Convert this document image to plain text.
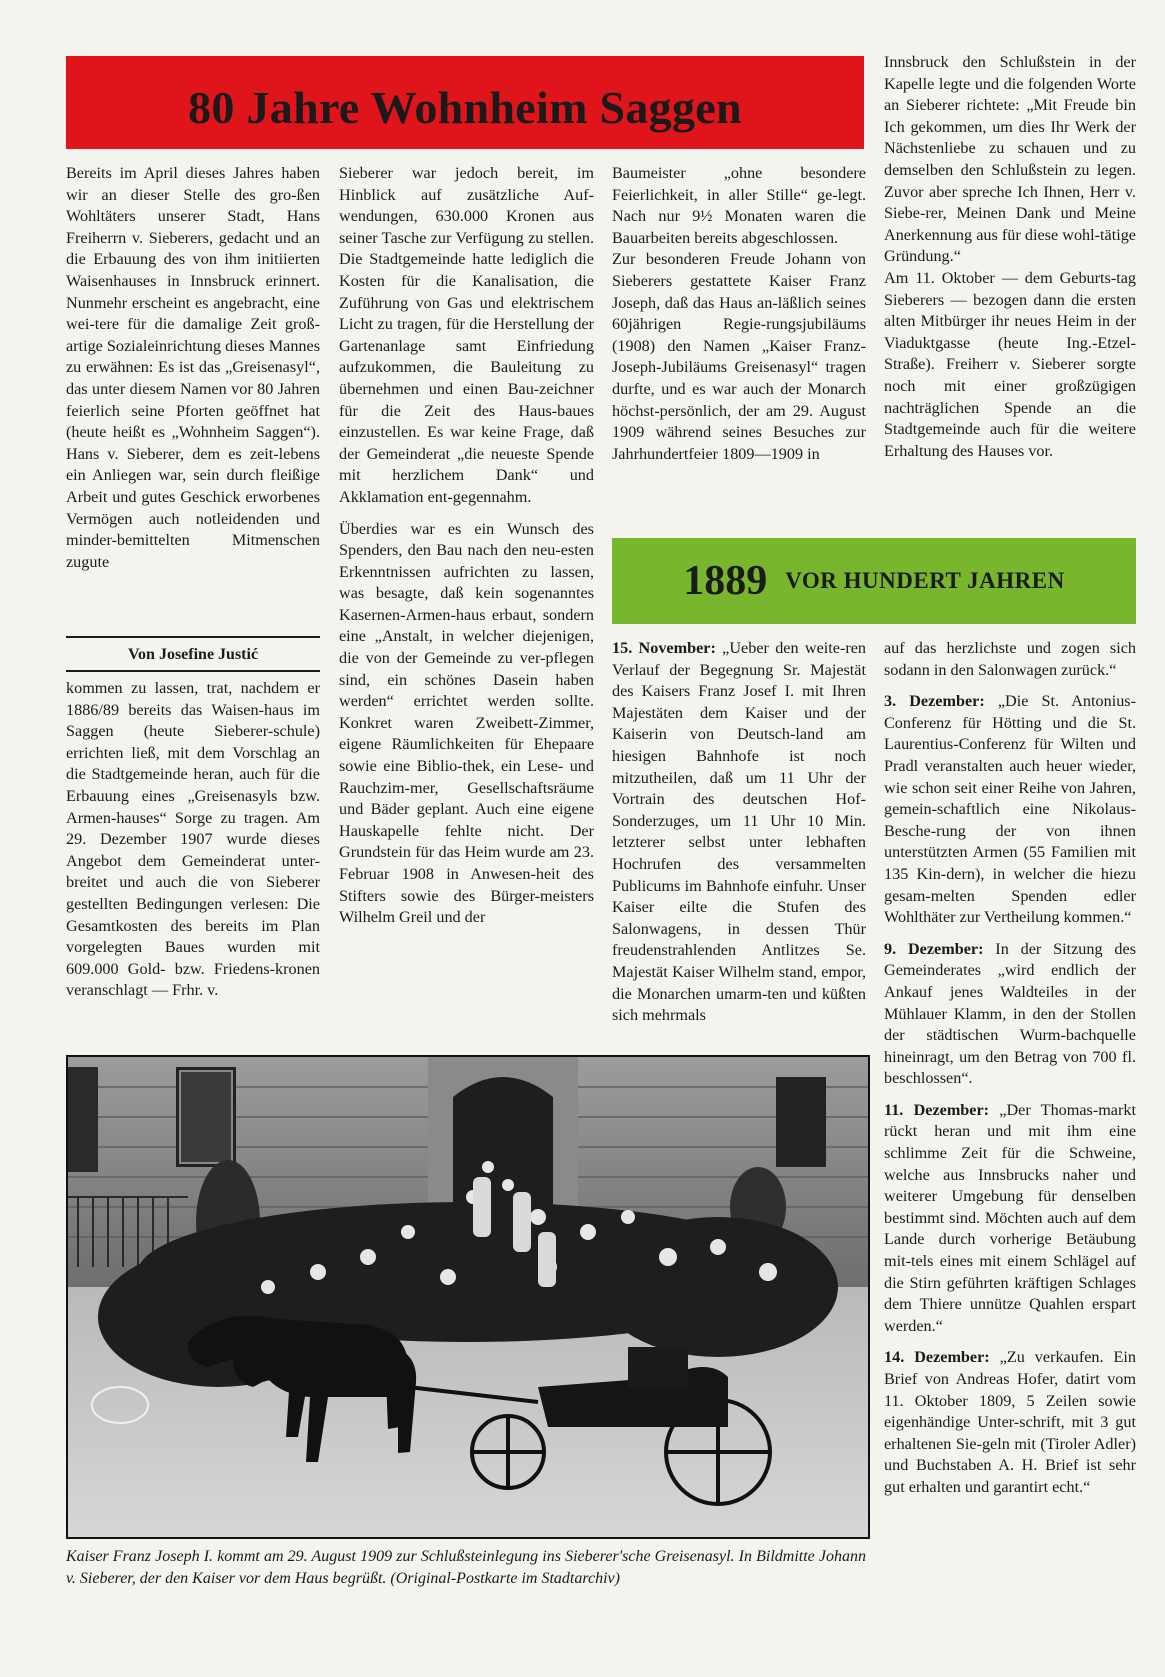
80 Jahre Wohnheim Saggen

Bereits im April dieses Jahres haben wir an dieser Stelle des gro-ßen Wohltäters unserer Stadt, Hans Freiherrn v. Sieberers, gedacht und an die Erbauung des von ihm initiierten Waisenhauses in Innsbruck erinnert. Nunmehr erscheint es angebracht, eine wei-tere für die damalige Zeit groß-artige Sozialeinrichtung dieses Mannes zu erwähnen: Es ist das „Greisenasyl“, das unter diesem Namen vor 80 Jahren feierlich seine Pforten geöffnet hat (heute heißt es „Wohnheim Saggen“). Hans v. Sieberer, dem es zeit-lebens ein Anliegen war, sein durch fleißige Arbeit und gutes Geschick erworbenes Vermögen auch notleidenden und minder-bemittelten Mitmenschen zugute

Von Josefine Justić

kommen zu lassen, trat, nachdem er 1886/89 bereits das Waisen-haus im Saggen (heute Sieberer-schule) errichten ließ, mit dem Vorschlag an die Stadtgemeinde heran, auch für die Erbauung eines „Greisenasyls bzw. Armen-hauses“ Sorge zu tragen. Am 29. Dezember 1907 wurde dieses Angebot dem Gemeinderat unter-breitet und auch die von Sieberer gestellten Bedingungen verlesen: Die Gesamtkosten des bereits im Plan vorgelegten Baues wurden mit 609.000 Gold- bzw. Friedens-kronen veranschlagt — Frhr. v.

Sieberer war jedoch bereit, im Hinblick auf zusätzliche Auf-wendungen, 630.000 Kronen aus seiner Tasche zur Verfügung zu stellen. Die Stadtgemeinde hatte lediglich die Kosten für die Kanalisation, die Zuführung von Gas und elektrischem Licht zu tragen, für die Herstellung der Gartenanlage samt Einfriedung aufzukommen, die Bauleitung zu übernehmen und einen Bau-zeichner für die Zeit des Haus-baues einzustellen. Es war keine Frage, daß der Gemeinderat „die neueste Spende mit herzlichem Dank“ und Akklamation ent-gegennahm.

Überdies war es ein Wunsch des Spenders, den Bau nach den neu-esten Erkenntnissen aufrichten zu lassen, was besagte, daß kein sogenanntes Kasernen-Armen-haus erbaut, sondern eine „Anstalt, in welcher diejenigen, die von der Gemeinde zu ver-pflegen sind, ein schönes Dasein haben werden“ errichtet werden sollte. Konkret waren Zweibett-Zimmer, eigene Räumlichkeiten für Ehepaare sowie eine Biblio-thek, ein Lese- und Rauchzim-mer, Gesellschaftsräume und Bäder geplant. Auch eine eigene Hauskapelle fehlte nicht. Der Grundstein für das Heim wurde am 23. Februar 1908 in Anwesen-heit des Stifters sowie des Bürger-meisters Wilhelm Greil und der

Baumeister „ohne besondere Feierlichkeit, in aller Stille“ ge-legt. Nach nur 9½ Monaten waren die Bauarbeiten bereits abgeschlossen.

Zur besonderen Freude Johann von Sieberers gestattete Kaiser Franz Joseph, daß das Haus an-läßlich seines 60jährigen Regie-rungsjubiläums (1908) den Namen „Kaiser Franz-Joseph-Jubiläums Greisenasyl“ tragen durfte, und es war auch der Monarch höchst-persönlich, der am 29. August 1909 während seines Besuches zur Jahrhundertfeier 1809—1909 in

Innsbruck den Schlußstein in der Kapelle legte und die folgenden Worte an Sieberer richtete: „Mit Freude bin Ich gekommen, um dies Ihr Werk der Nächstenliebe zu schauen und zu demselben den Schlußstein zu legen. Zuvor aber spreche Ich Ihnen, Herr v. Siebe-rer, Meinen Dank und Meine Anerkennung aus für diese wohl-tätige Gründung.“

Am 11. Oktober — dem Geburts-tag Sieberers — bezogen dann die ersten alten Mitbürger ihr neues Heim in der Viaduktgasse (heute Ing.-Etzel-Straße). Freiherr v. Sieberer sorgte noch mit einer großzügigen nachträglichen Spende an die Stadtgemeinde auch für die weitere Erhaltung des Hauses vor.

1889 VOR HUNDERT JAHREN

15. November: „Ueber den weite-ren Verlauf der Begegnung Sr. Majestät des Kaisers Franz Josef I. mit Ihren Majestäten dem Kaiser und der Kaiserin von Deutsch-land am hiesigen Bahnhofe ist noch mitzutheilen, daß um 11 Uhr der Vortrain des deutschen Hof-Sonderzuges, um 11 Uhr 10 Min. letzterer selbst unter lebhaften Hochrufen des versammelten Publicums im Bahnhofe einfuhr. Unser Kaiser eilte die Stufen des Salonwagens, in dessen Thür freudenstrahlenden Antlitzes Se. Majestät Kaiser Wilhelm stand, empor, die Monarchen umarm-ten und küßten sich mehrmals

auf das herzlichste und zogen sich sodann in den Salonwagen zurück.“

3. Dezember: „Die St. Antonius-Conferenz für Hötting und die St. Laurentius-Conferenz für Wilten und Pradl veranstalten auch heuer wieder, wie schon seit einer Reihe von Jahren, gemein-schaftlich eine Nikolaus-Besche-rung der von ihnen unterstützten Armen (55 Familien mit 135 Kin-dern), in welcher die hiezu gesam-melten Spenden edler Wohlthäter zur Vertheilung kommen.“

9. Dezember: In der Sitzung des Gemeinderates „wird endlich der Ankauf jenes Waldteiles in der Mühlauer Klamm, in den der Stollen der städtischen Wurm-bachquelle hineinragt, um den Betrag von 700 fl. beschlossen“.

11. Dezember: „Der Thomas-markt rückt heran und mit ihm eine schlimme Zeit für die Schweine, welche aus Innsbrucks naher und weiterer Umgebung für denselben bestimmt sind. Möchten auch auf dem Lande durch vorherige Betäubung mit-tels eines mit einem Schlägel auf die Stirn geführten kräftigen Schlages dem Thiere unnütze Quahlen erspart werden.“

14. Dezember: „Zu verkaufen. Ein Brief von Andreas Hofer, datirt vom 11. Oktober 1809, 5 Zeilen sowie eigenhändige Unter-schrift, mit 3 gut erhaltenen Sie-geln mit (Tiroler Adler) und Buchstaben A. H. Brief ist sehr gut erhalten und garantirt echt.“

Kaiser Franz Joseph I. kommt am 29. August 1909 zur Schlußsteinlegung ins Sieberer'sche Greisenasyl. In Bildmitte Johann v. Sieberer, der den Kaiser vor dem Haus begrüßt. (Original-Postkarte im Stadtarchiv)
